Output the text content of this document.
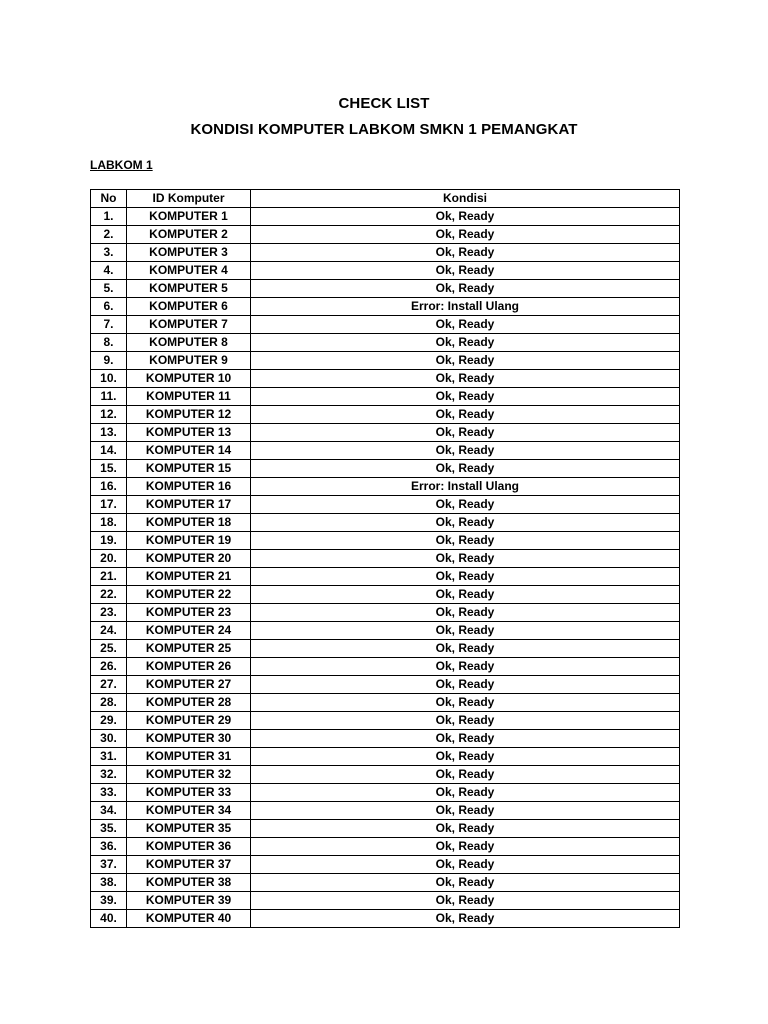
CHECK LIST
KONDISI KOMPUTER LABKOM SMKN 1 PEMANGKAT
LABKOM 1
No	ID Komputer	Kondisi
1.	KOMPUTER 1	Ok, Ready
2.	KOMPUTER 2	Ok, Ready
3.	KOMPUTER 3	Ok, Ready
4.	KOMPUTER 4	Ok, Ready
5.	KOMPUTER 5	Ok, Ready
6.	KOMPUTER 6	Error: Install Ulang
7.	KOMPUTER 7	Ok, Ready
8.	KOMPUTER 8	Ok, Ready
9.	KOMPUTER 9	Ok, Ready
10.	KOMPUTER 10	Ok, Ready
11.	KOMPUTER 11	Ok, Ready
12.	KOMPUTER 12	Ok, Ready
13.	KOMPUTER 13	Ok, Ready
14.	KOMPUTER 14	Ok, Ready
15.	KOMPUTER 15	Ok, Ready
16.	KOMPUTER 16	Error: Install Ulang
17.	KOMPUTER 17	Ok, Ready
18.	KOMPUTER 18	Ok, Ready
19.	KOMPUTER 19	Ok, Ready
20.	KOMPUTER 20	Ok, Ready
21.	KOMPUTER 21	Ok, Ready
22.	KOMPUTER 22	Ok, Ready
23.	KOMPUTER 23	Ok, Ready
24.	KOMPUTER 24	Ok, Ready
25.	KOMPUTER 25	Ok, Ready
26.	KOMPUTER 26	Ok, Ready
27.	KOMPUTER 27	Ok, Ready
28.	KOMPUTER 28	Ok, Ready
29.	KOMPUTER 29	Ok, Ready
30.	KOMPUTER 30	Ok, Ready
31.	KOMPUTER 31	Ok, Ready
32.	KOMPUTER 32	Ok, Ready
33.	KOMPUTER 33	Ok, Ready
34.	KOMPUTER 34	Ok, Ready
35.	KOMPUTER 35	Ok, Ready
36.	KOMPUTER 36	Ok, Ready
37.	KOMPUTER 37	Ok, Ready
38.	KOMPUTER 38	Ok, Ready
39.	KOMPUTER 39	Ok, Ready
40.	KOMPUTER 40	Ok, Ready
